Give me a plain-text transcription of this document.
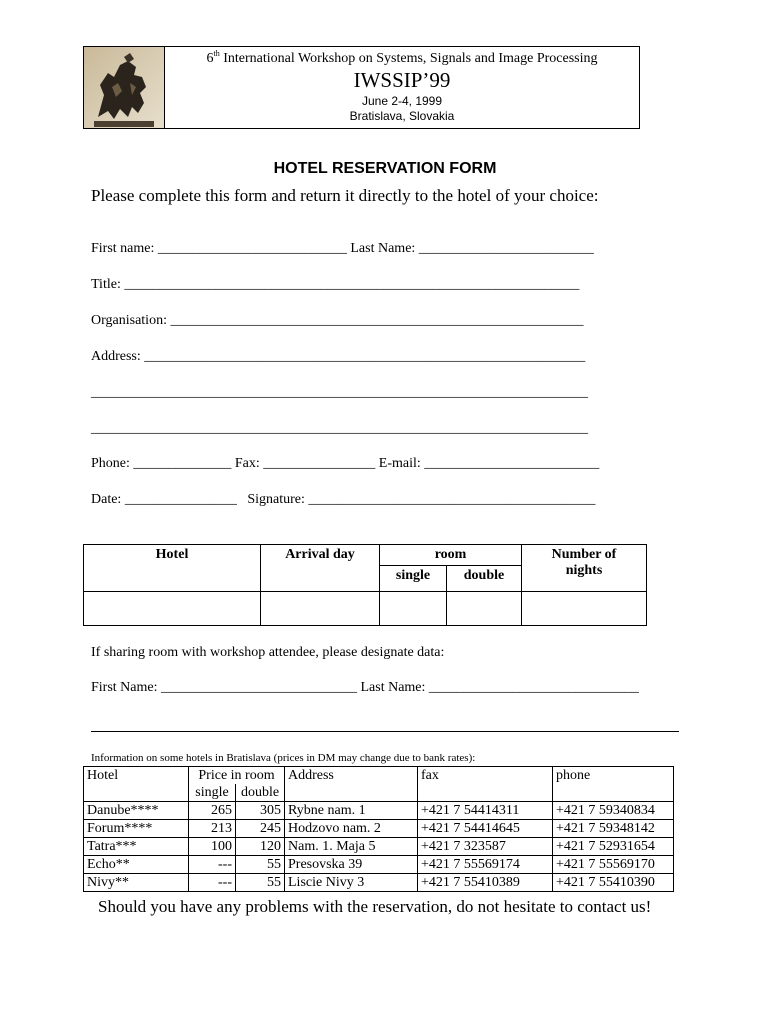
6th International Workshop on Systems, Signals and Image Processing
IWSSIP’99
June 2-4, 1999
Bratislava, Slovakia
HOTEL RESERVATION FORM
Please complete this form and return it directly to the hotel of your choice:
First name: ___________________________ Last Name: _________________________
Title: _________________________________________________________________
Organisation: ___________________________________________________________
Address: _______________________________________________________________
_______________________________________________________________________
_______________________________________________________________________
Phone: ______________ Fax: ________________ E-mail: _________________________
Date: ________________   Signature: _________________________________________
Hotel	Arrival day	room		Number of nights

		single	double	

If sharing room with workshop attendee, please designate data:
First Name: ____________________________ Last Name: ______________________________
Information on some hotels in Bratislava (prices in DM may change due to bank rates):
Hotel	Price in room		Address	fax	phone
	single	double			
Danube****	265	305	Rybne nam. 1	+421 7 54414311	+421 7 59340834
Forum****	213	245	Hodzovo nam. 2	+421 7 54414645	+421 7 59348142
Tatra***	100	120	Nam. 1. Maja 5	+421 7 323587	+421 7 52931654
Echo**	---	55	Presovska 39	+421 7 55569174	+421 7 55569170
Nivy**	---	55	Liscie Nivy 3	+421 7 55410389	+421 7 55410390
Should you have any problems with the reservation, do not hesitate to contact us!
